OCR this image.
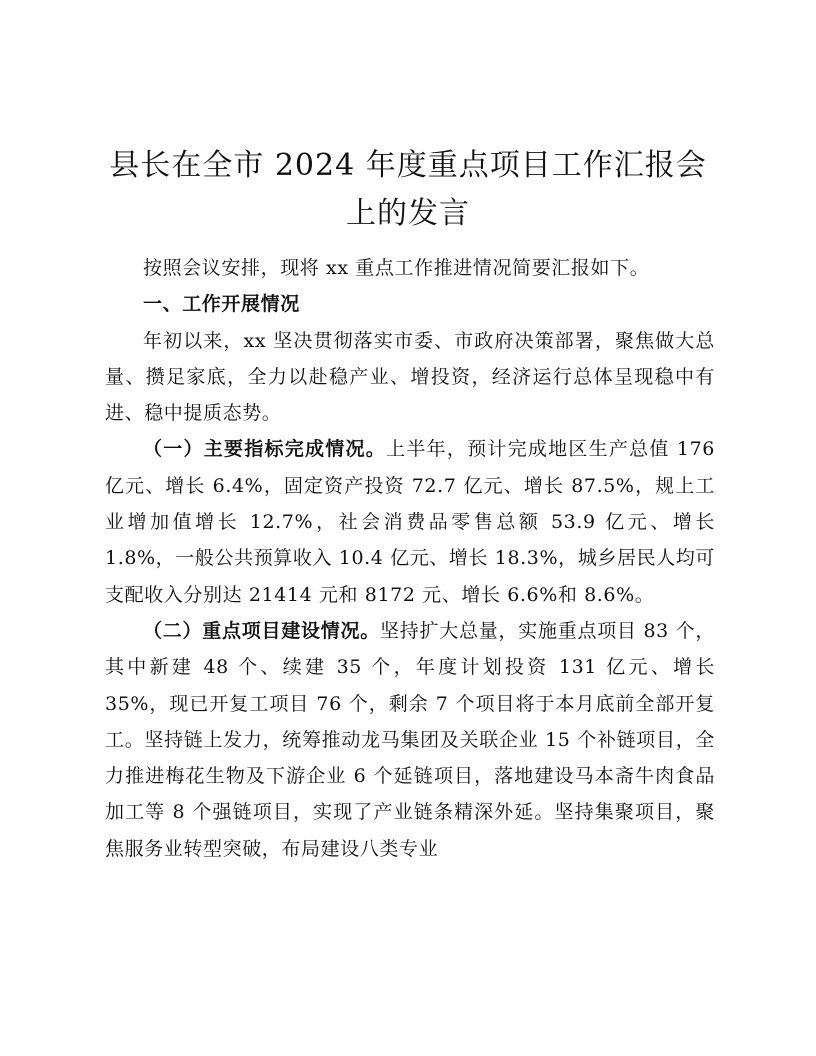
县长在全市 2024 年度重点项目工作汇报会上的发言

按照会议安排，现将 xx 重点工作推进情况简要汇报如下。

一、工作开展情况

年初以来，xx 坚决贯彻落实市委、市政府决策部署，聚焦做大总量、攒足家底，全力以赴稳产业、增投资，经济运行总体呈现稳中有进、稳中提质态势。

（一）主要指标完成情况。上半年，预计完成地区生产总值 176 亿元、增长 6.4%，固定资产投资 72.7 亿元、增长 87.5%，规上工业增加值增长 12.7%，社会消费品零售总额 53.9 亿元、增长 1.8%，一般公共预算收入 10.4 亿元、增长 18.3%，城乡居民人均可支配收入分别达 21414 元和 8172 元、增长 6.6%和 8.6%。

（二）重点项目建设情况。坚持扩大总量，实施重点项目 83 个，其中新建 48 个、续建 35 个，年度计划投资 131 亿元、增长 35%，现已开复工项目 76 个，剩余 7 个项目将于本月底前全部开复工。坚持链上发力，统筹推动龙马集团及关联企业 15 个补链项目，全力推进梅花生物及下游企业 6 个延链项目，落地建设马本斋牛肉食品加工等 8 个强链项目，实现了产业链条精深外延。坚持集聚项目，聚焦服务业转型突破，布局建设八类专业
